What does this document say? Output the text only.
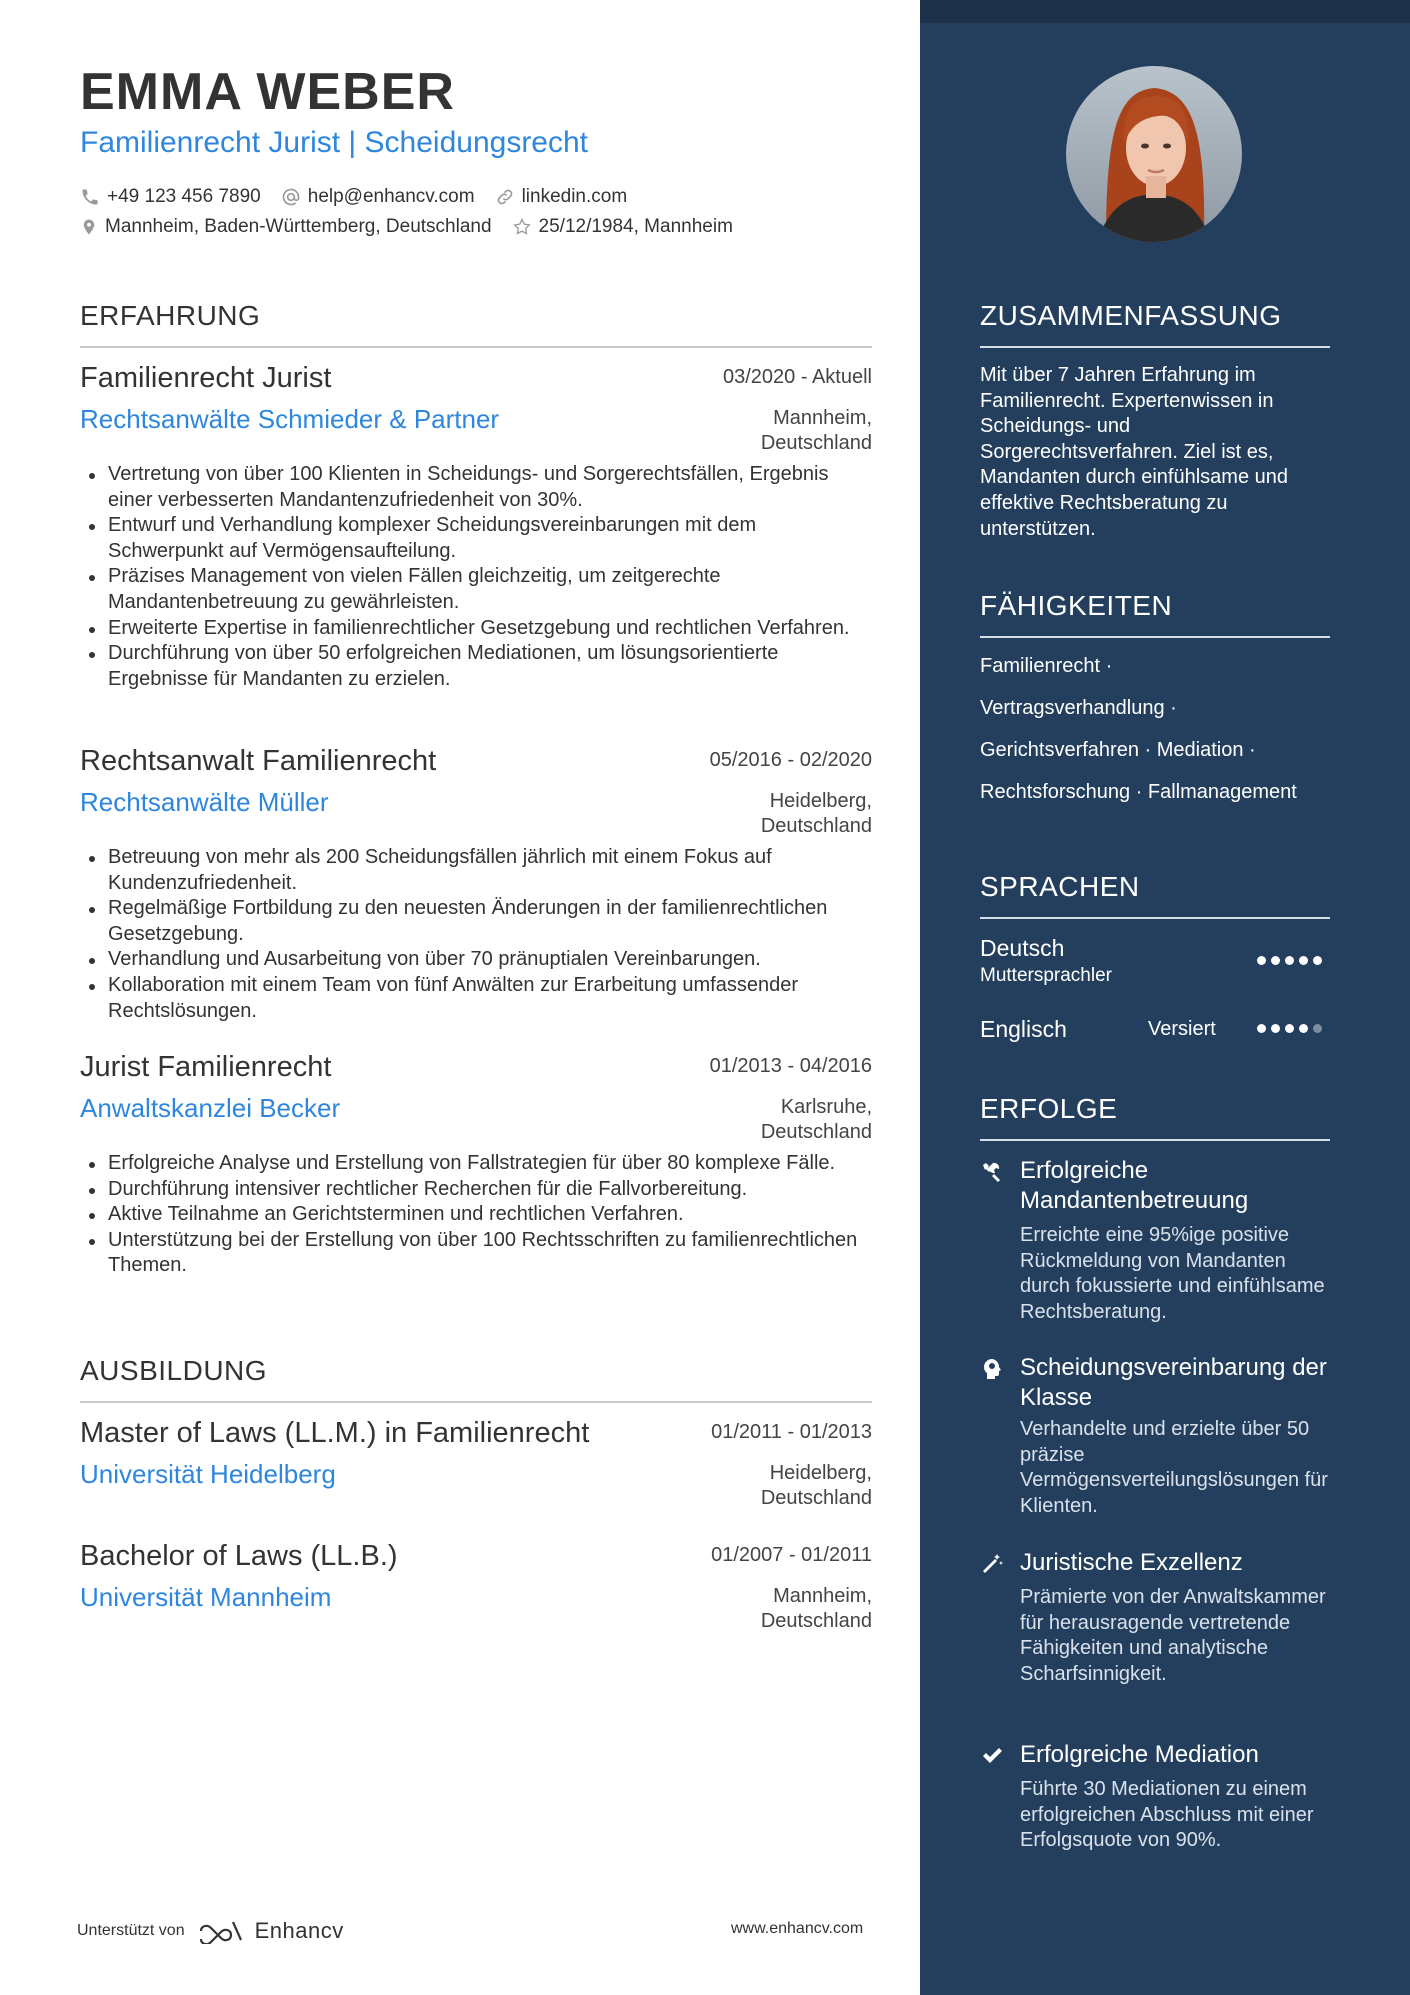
EMMA WEBER
Familienrecht Jurist | Scheidungsrecht
+49 123 456 7890 help@enhancv.com linkedin.com
Mannheim, Baden-Württemberg, Deutschland 25/12/1984, Mannheim
ERFAHRUNG
Familienrecht Jurist	03/2020 - Aktuell
Rechtsanwälte Schmieder & Partner	Mannheim,
Deutschland
Vertretung von über 100 Klienten in Scheidungs- und Sorgerechtsfällen, Ergebnis einer verbesserten Mandantenzufriedenheit von 30%.
Entwurf und Verhandlung komplexer Scheidungsvereinbarungen mit dem Schwerpunkt auf Vermögensaufteilung.
Präzises Management von vielen Fällen gleichzeitig, um zeitgerechte Mandantenbetreuung zu gewährleisten.
Erweiterte Expertise in familienrechtlicher Gesetzgebung und rechtlichen Verfahren.
Durchführung von über 50 erfolgreichen Mediationen, um lösungsorientierte Ergebnisse für Mandanten zu erzielen.
Rechtsanwalt Familienrecht	05/2016 - 02/2020
Rechtsanwälte Müller	Heidelberg,
Deutschland
Betreuung von mehr als 200 Scheidungsfällen jährlich mit einem Fokus auf Kundenzufriedenheit.
Regelmäßige Fortbildung zu den neuesten Änderungen in der familienrechtlichen Gesetzgebung.
Verhandlung und Ausarbeitung von über 70 pränuptialen Vereinbarungen.
Kollaboration mit einem Team von fünf Anwälten zur Erarbeitung umfassender Rechtslösungen.
Jurist Familienrecht	01/2013 - 04/2016
Anwaltskanzlei Becker	Karlsruhe,
Deutschland
Erfolgreiche Analyse und Erstellung von Fallstrategien für über 80 komplexe Fälle.
Durchführung intensiver rechtlicher Recherchen für die Fallvorbereitung.
Aktive Teilnahme an Gerichtsterminen und rechtlichen Verfahren.
Unterstützung bei der Erstellung von über 100 Rechtsschriften zu familienrechtlichen Themen.
AUSBILDUNG
Master of Laws (LL.M.) in Familienrecht	01/2011 - 01/2013
Universität Heidelberg	Heidelberg,
Deutschland
Bachelor of Laws (LL.B.)	01/2007 - 01/2011
Universität Mannheim	Mannheim,
Deutschland
ZUSAMMENFASSUNG
Mit über 7 Jahren Erfahrung im Familienrecht. Expertenwissen in Scheidungs- und Sorgerechtsverfahren. Ziel ist es, Mandanten durch einfühlsame und effektive Rechtsberatung zu unterstützen.
FÄHIGKEITEN
Familienrecht ·
Vertragsverhandlung ·
Gerichtsverfahren · Mediation ·
Rechtsforschung · Fallmanagement
SPRACHEN
Deutsch
Muttersprachler
Englisch	Versiert
ERFOLGE
Erfolgreiche Mandantenbetreuung
Erreichte eine 95%ige positive Rückmeldung von Mandanten durch fokussierte und einfühlsame Rechtsberatung.
Scheidungsvereinbarung der Klasse
Verhandelte und erzielte über 50 präzise Vermögensverteilungslösungen für Klienten.
Juristische Exzellenz
Prämierte von der Anwaltskammer für herausragende vertretende Fähigkeiten und analytische Scharfsinnigkeit.
Erfolgreiche Mediation
Führte 30 Mediationen zu einem erfolgreichen Abschluss mit einer Erfolgsquote von 90%.
Unterstützt von	Enhancv	www.enhancv.com
